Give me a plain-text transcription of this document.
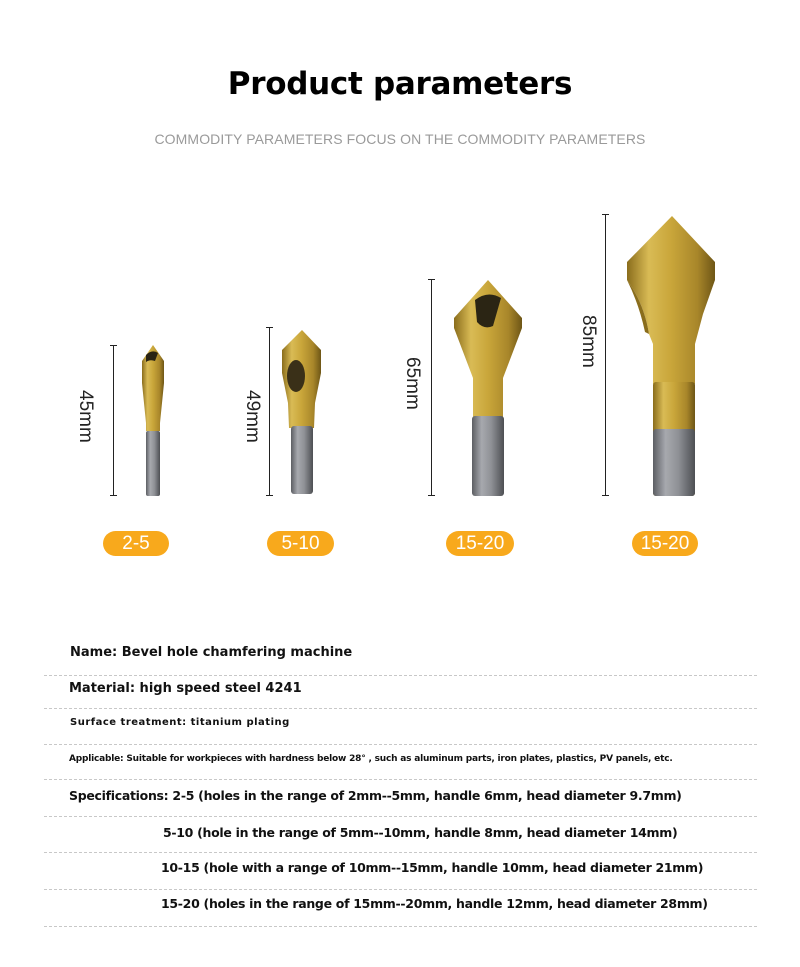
Product parameters
COMMODITY PARAMETERS FOCUS ON THE COMMODITY PARAMETERS
45mm
2-5
49mm
5-10
65mm
15-20
85mm
15-20
Name: Bevel hole chamfering machine
Material: high speed steel 4241
Surface treatment: titanium plating
Applicable: Suitable for workpieces with hardness below 28° , such as aluminum parts, iron plates, plastics, PV panels, etc.
Specifications: 2-5 (holes in the range of 2mm--5mm, handle 6mm, head diameter 9.7mm)
5-10 (hole in the range of 5mm--10mm, handle 8mm, head diameter 14mm)
10-15 (hole with a range of 10mm--15mm, handle 10mm, head diameter 21mm)
15-20 (holes in the range of 15mm--20mm, handle 12mm, head diameter 28mm)
